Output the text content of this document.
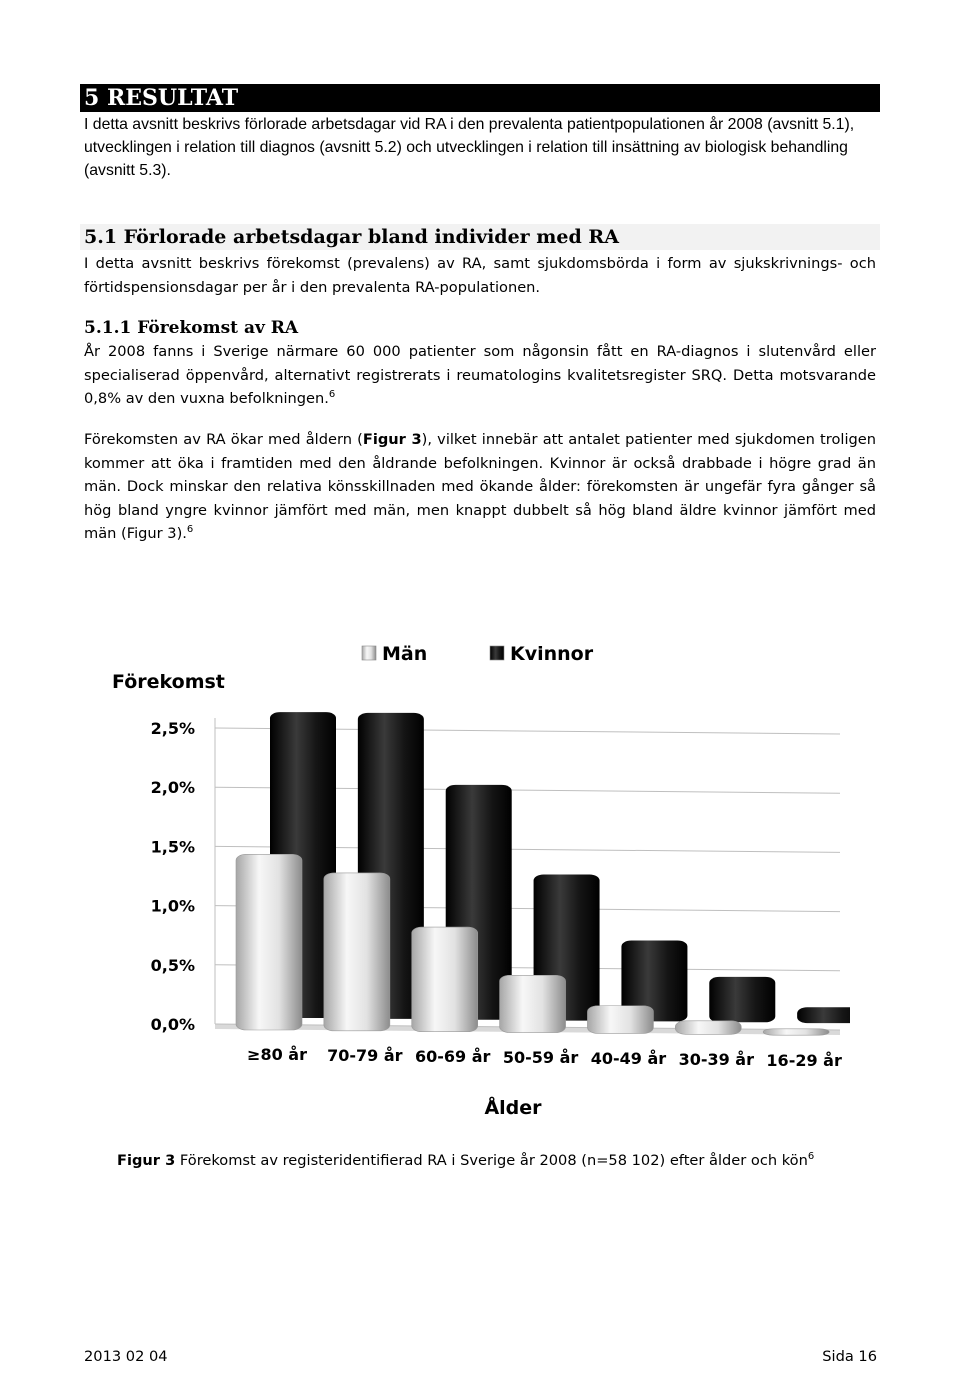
5 RESULTAT
I detta avsnitt beskrivs förlorade arbetsdagar vid RA i den prevalenta patientpopulationen år 2008 (avsnitt 5.1), utvecklingen i relation till diagnos (avsnitt 5.2) och utvecklingen i relation till insättning av biologisk behandling (avsnitt 5.3).
5.1 Förlorade arbetsdagar bland individer med RA
I detta avsnitt beskrivs förekomst (prevalens) av RA, samt sjukdomsbörda i form av sjukskrivnings- och förtidspensionsdagar per år i den prevalenta RA-populationen.
5.1.1 Förekomst av RA
År 2008 fanns i Sverige närmare 60 000 patienter som någonsin fått en RA-diagnos i slutenvård eller specialiserad öppenvård, alternativt registrerats i reumatologins kvalitetsregister SRQ. Detta motsvarande 0,8% av den vuxna befolkningen.$^6$
Förekomsten av RA ökar med åldern (Figur 3), vilket innebär att antalet patienter med sjukdomen troligen kommer att öka i framtiden med den åldrande befolkningen. Kvinnor är också drabbade i högre grad än män. Dock minskar den relativa könsskillnaden med ökande ålder: förekomsten är ungefär fyra gånger så hög bland yngre kvinnor jämfört med män, men knappt dubbelt så hög bland äldre kvinnor jämfört med män (Figur 3).$^6$
0,0%
0,5%
1,0%
1,5%
2,0%
2,5%
≥80 år 70-79 år 60-69 år 50-59 år 40-49 år 30-39 år 16-29 år
Förekomst
Ålder
Män	Kvinnor
Figur 3 Förekomst av registeridentifierad RA i Sverige år 2008 (n=58 102) efter ålder och kön$^6$
2013 02 04	Sida 16
